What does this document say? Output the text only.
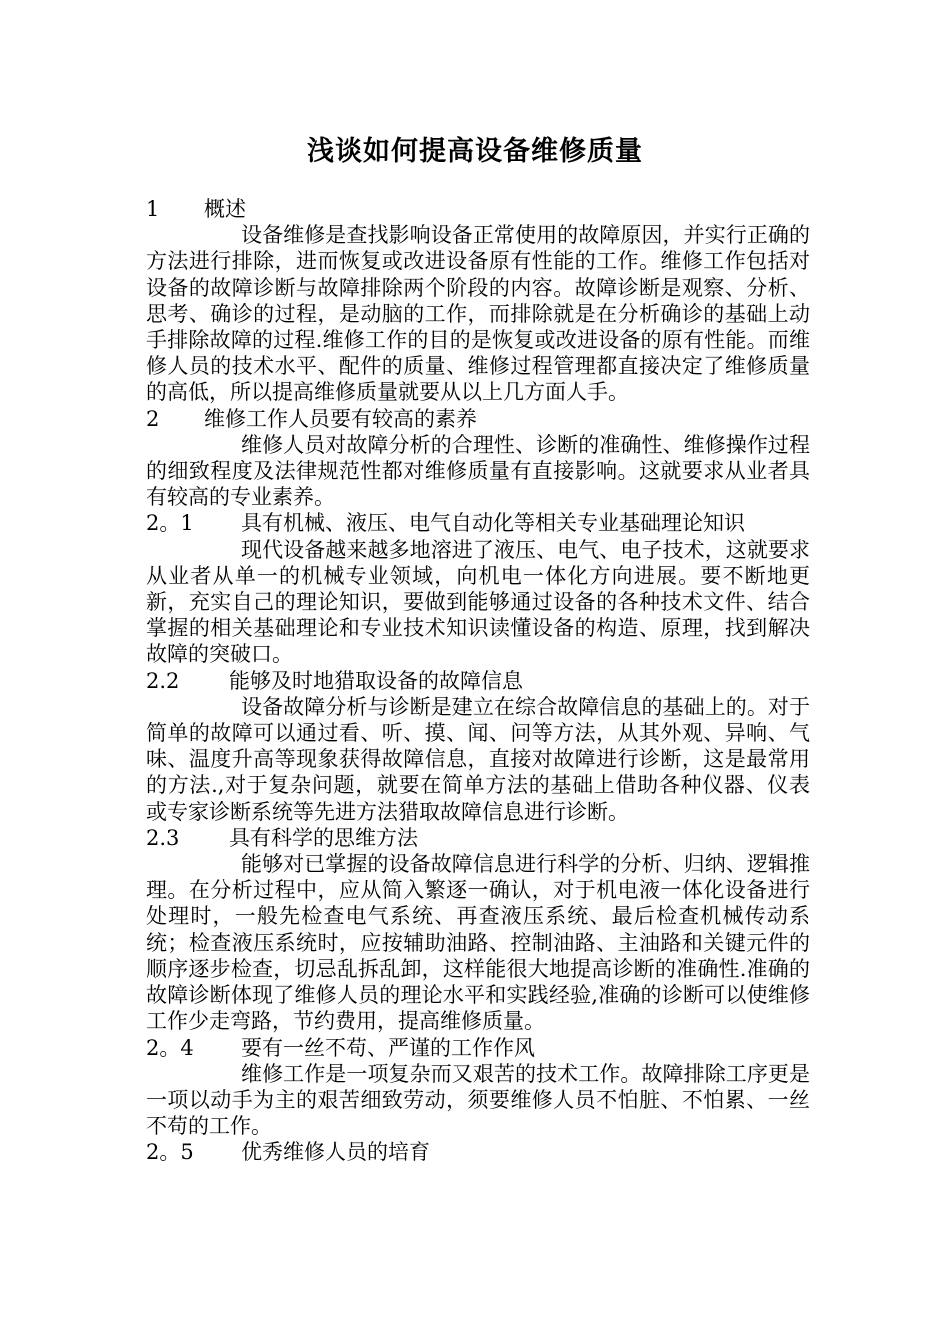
浅谈如何提高设备维修质量
1 概述
设备维修是查找影响设备正常使用的故障原因，并实行正确的方法进行排除，进而恢复或改进设备原有性能的工作。维修工作包括对设备的故障诊断与故障排除两个阶段的内容。故障诊断是观察、分析、思考、确诊的过程，是动脑的工作，而排除就是在分析确诊的基础上动手排除故障的过程.维修工作的目的是恢复或改进设备的原有性能。而维修人员的技术水平、配件的质量、维修过程管理都直接决定了维修质量的高低，所以提高维修质量就要从以上几方面人手。
2 维修工作人员要有较高的素养
维修人员对故障分析的合理性、诊断的准确性、维修操作过程的细致程度及法律规范性都对维修质量有直接影响。这就要求从业者具有较高的专业素养。
2。1 具有机械、液压、电气自动化等相关专业基础理论知识
现代设备越来越多地溶进了液压、电气、电子技术，这就要求从业者从单一的机械专业领域，向机电一体化方向进展。要不断地更新，充实自己的理论知识，要做到能够通过设备的各种技术文件、结合掌握的相关基础理论和专业技术知识读懂设备的构造、原理，找到解决故障的突破口。
2.2 能够及时地猎取设备的故障信息
设备故障分析与诊断是建立在综合故障信息的基础上的。对于简单的故障可以通过看、听、摸、闻、问等方法，从其外观、异响、气味、温度升高等现象获得故障信息，直接对故障进行诊断，这是最常用的方法.,对于复杂问题，就要在简单方法的基础上借助各种仪器、仪表或专家诊断系统等先进方法猎取故障信息进行诊断。
2.3 具有科学的思维方法
能够对已掌握的设备故障信息进行科学的分析、归纳、逻辑推理。在分析过程中，应从简入繁逐一确认，对于机电液一体化设备进行处理时，一般先检查电气系统、再查液压系统、最后检查机械传动系统；检查液压系统时，应按辅助油路、控制油路、主油路和关键元件的顺序逐步检查，切忌乱拆乱卸，这样能很大地提高诊断的准确性.准确的故障诊断体现了维修人员的理论水平和实践经验,准确的诊断可以使维修工作少走弯路，节约费用，提高维修质量。
2。4 要有一丝不苟、严谨的工作作风
维修工作是一项复杂而又艰苦的技术工作。故障排除工序更是一项以动手为主的艰苦细致劳动，须要维修人员不怕脏、不怕累、一丝不苟的工作。
2。5 优秀维修人员的培育
